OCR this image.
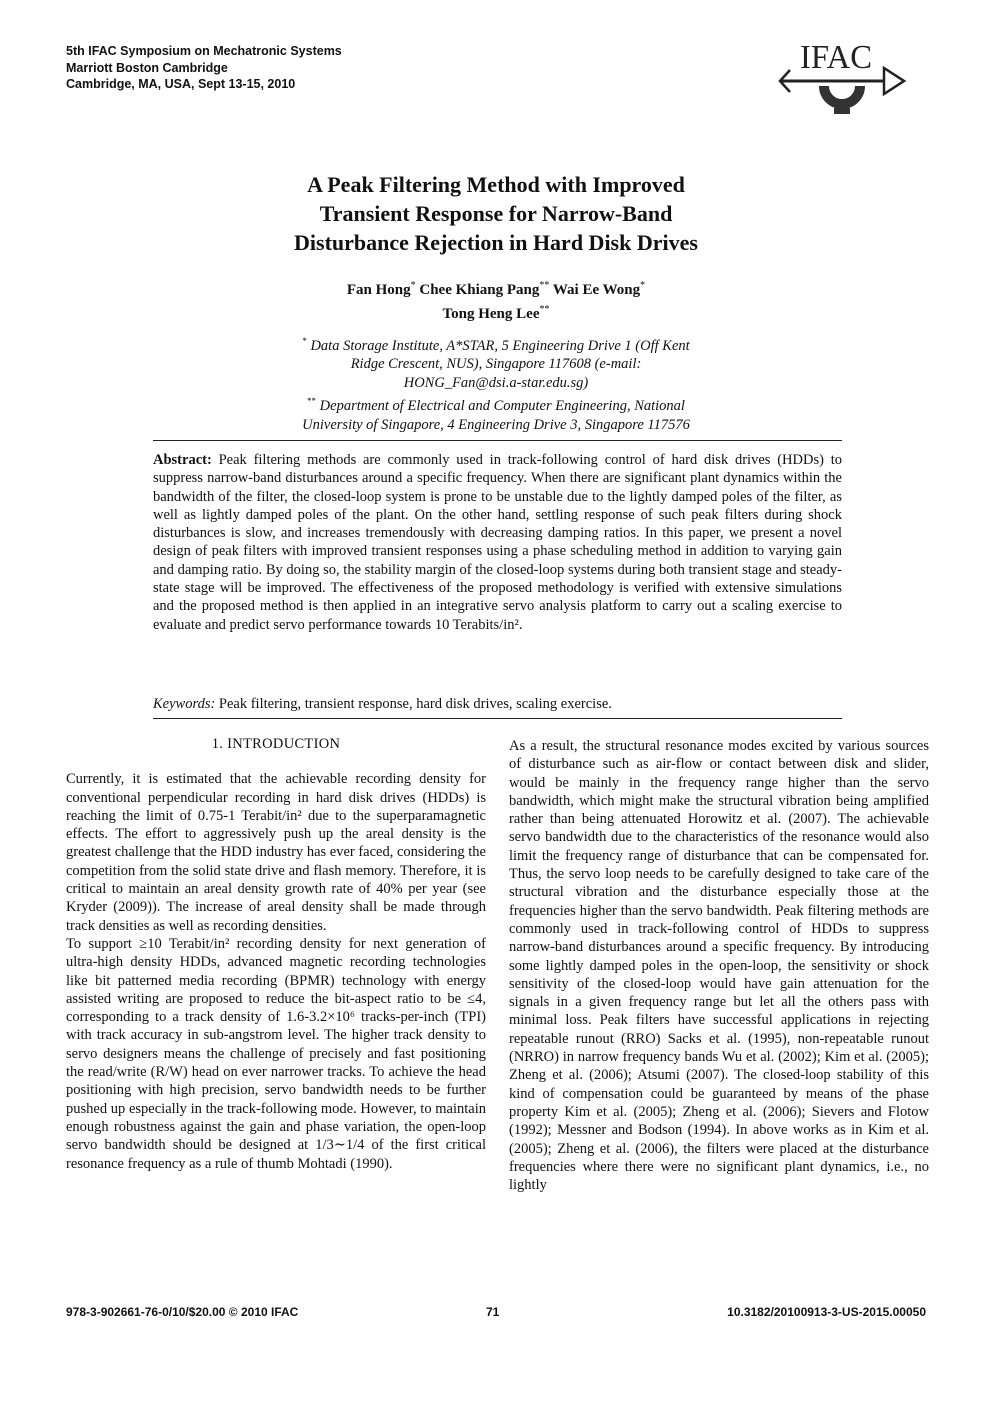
5th IFAC Symposium on Mechatronic Systems
Marriott Boston Cambridge
Cambridge, MA, USA, Sept 13-15, 2010
IFAC
A Peak Filtering Method with Improved
Transient Response for Narrow-Band
Disturbance Rejection in Hard Disk Drives
Fan Hong* Chee Khiang Pang** Wai Ee Wong*
Tong Heng Lee**
* Data Storage Institute, A*STAR, 5 Engineering Drive 1 (Off Kent
Ridge Crescent, NUS), Singapore 117608 (e-mail:
HONG_Fan@dsi.a-star.edu.sg)
** Department of Electrical and Computer Engineering, National
University of Singapore, 4 Engineering Drive 3, Singapore 117576
Abstract: Peak filtering methods are commonly used in track-following control of hard disk drives (HDDs) to suppress narrow-band disturbances around a specific frequency. When there are significant plant dynamics within the bandwidth of the filter, the closed-loop system is prone to be unstable due to the lightly damped poles of the filter, as well as lightly damped poles of the plant. On the other hand, settling response of such peak filters during shock disturbances is slow, and increases tremendously with decreasing damping ratios. In this paper, we present a novel design of peak filters with improved transient responses using a phase scheduling method in addition to varying gain and damping ratio. By doing so, the stability margin of the closed-loop systems during both transient stage and steady-state stage will be improved. The effectiveness of the proposed methodology is verified with extensive simulations and the proposed method is then applied in an integrative servo analysis platform to carry out a scaling exercise to evaluate and predict servo performance towards 10 Terabits/in².
Keywords: Peak filtering, transient response, hard disk drives, scaling exercise.
1. INTRODUCTION

Currently, it is estimated that the achievable recording density for conventional perpendicular recording in hard disk drives (HDDs) is reaching the limit of 0.75-1 Terabit/in² due to the superparamagnetic effects. The effort to aggressively push up the areal density is the greatest challenge that the HDD industry has ever faced, considering the competition from the solid state drive and flash memory. Therefore, it is critical to maintain an areal density growth rate of 40% per year (see Kryder (2009)). The increase of areal density shall be made through track densities as well as recording densities.

To support ≥10 Terabit/in² recording density for next generation of ultra-high density HDDs, advanced magnetic recording technologies like bit patterned media recording (BPMR) technology with energy assisted writing are proposed to reduce the bit-aspect ratio to be ≤4, corresponding to a track density of 1.6-3.2×10⁶ tracks-per-inch (TPI) with track accuracy in sub-angstrom level. The higher track density to servo designers means the challenge of precisely and fast positioning the read/write (R/W) head on ever narrower tracks. To achieve the head positioning with high precision, servo bandwidth needs to be further pushed up especially in the track-following mode. However, to maintain enough robustness against the gain and phase variation, the open-loop servo bandwidth should be designed at 1/3∼1/4 of the first critical resonance frequency as a rule of thumb Mohtadi (1990).

As a result, the structural resonance modes excited by various sources of disturbance such as air-flow or contact between disk and slider, would be mainly in the frequency range higher than the servo bandwidth, which might make the structural vibration being amplified rather than being attenuated Horowitz et al. (2007). The achievable servo bandwidth due to the characteristics of the resonance would also limit the frequency range of disturbance that can be compensated for. Thus, the servo loop needs to be carefully designed to take care of the structural vibration and the disturbance especially those at the frequencies higher than the servo bandwidth. Peak filtering methods are commonly used in track-following control of HDDs to suppress narrow-band disturbances around a specific frequency. By introducing some lightly damped poles in the open-loop, the sensitivity or shock sensitivity of the closed-loop would have gain attenuation for the signals in a given frequency range but let all the others pass with minimal loss. Peak filters have successful applications in rejecting repeatable runout (RRO) Sacks et al. (1995), non-repeatable runout (NRRO) in narrow frequency bands Wu et al. (2002); Kim et al. (2005); Zheng et al. (2006); Atsumi (2007). The closed-loop stability of this kind of compensation could be guaranteed by means of the phase property Kim et al. (2005); Zheng et al. (2006); Sievers and Flotow (1992); Messner and Bodson (1994). In above works as in Kim et al. (2005); Zheng et al. (2006), the filters were placed at the disturbance frequencies where there were no significant plant dynamics, i.e., no lightly

978-3-902661-76-0/10/$20.00 © 2010 IFAC	71	10.3182/20100913-3-US-2015.00050
